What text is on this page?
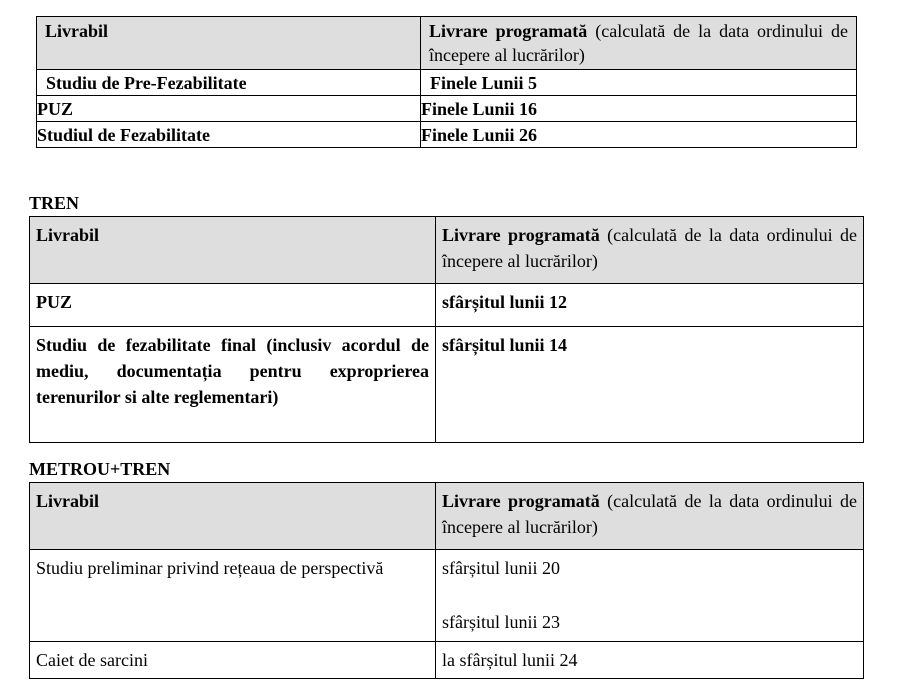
Livrabil	Livrare programată (calculată de la data ordinului de începere al lucrărilor)
Studiu de Pre-Fezabilitate	Finele Lunii 5
PUZ	Finele Lunii 16
Studiul de Fezabilitate	Finele Lunii 26

TREN

Livrabil	Livrare programată (calculată de la data ordinului de începere al lucrărilor)
PUZ	sfârșitul lunii 12
Studiu de fezabilitate final (inclusiv acordul de mediu, documentația pentru exproprierea terenurilor si alte reglementari)	sfârșitul lunii 14

METROU+TREN

Livrabil	Livrare programată (calculată de la data ordinului de începere al lucrărilor)
Studiu preliminar privind rețeaua de perspectivă	sfârșitul lunii 20
sfârșitul lunii 23
Caiet de sarcini	la sfârșitul lunii 24
